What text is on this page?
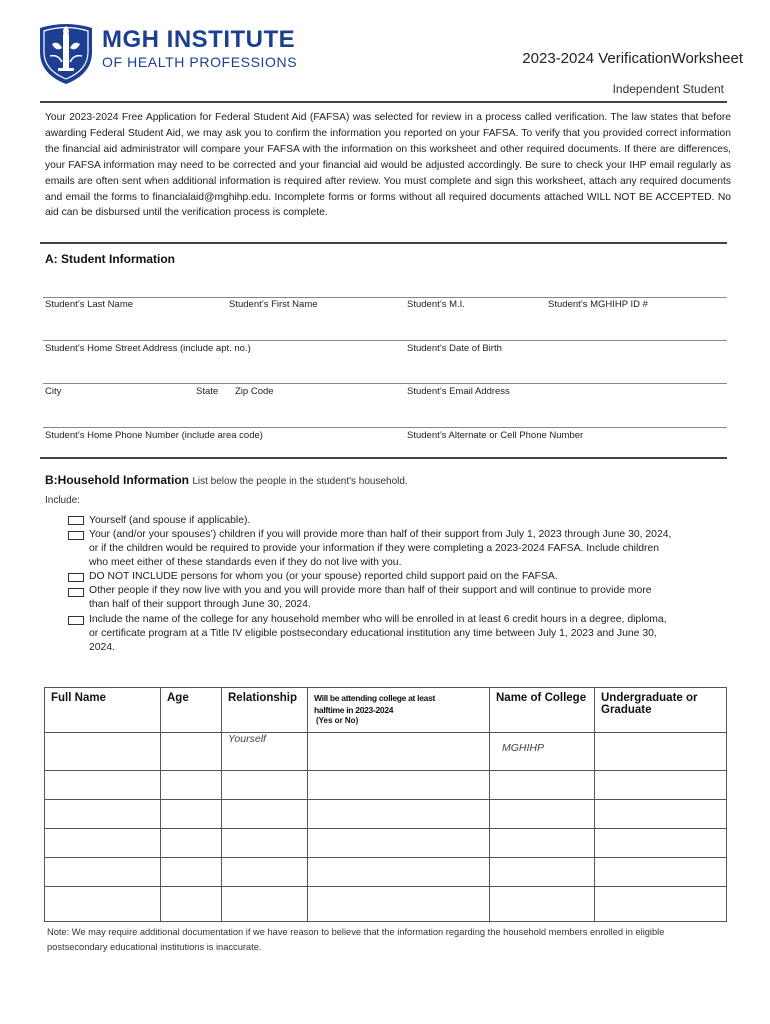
MGH INSTITUTE
OF HEALTH PROFESSIONS	2023-2024 VerificationWorksheet
Independent Student
Your 2023-2024 Free Application for Federal Student Aid (FAFSA) was selected for review in a process called verification. The law states that before awarding Federal Student Aid, we may ask you to confirm the information you reported on your FAFSA. To verify that you provided correct information the financial aid administrator will compare your FAFSA with the information on this worksheet and other required documents. If there are differences, your FAFSA information may need to be corrected and your financial aid would be adjusted accordingly. Be sure to check your IHP email regularly as emails are often sent when additional information is required after review. You must complete and sign this worksheet, attach any required documents and email the forms to financialaid@mghihp.edu. Incomplete forms or forms without all required documents attached WILL NOT BE ACCEPTED. No aid can be disbursed until the verification process is complete.
A: Student Information
Student’s Last Name	Student’s First Name	Student’s M.I.	Student’s MGHIHP ID #
Student’s Home Street Address (include apt. no.)	Student’s Date of Birth
City	State Zip Code	Student’s Email Address
Student’s Home Phone Number (include area code)	Student’s Alternate or Cell Phone Number
B:Household Information List below the people in the student's household.
Include:
Yourself (and spouse if applicable).
Your (and/or your spouses’) children if you will provide more than half of their support from July 1, 2023 through June 30, 2024,
or if the children would be required to provide your information if they were completing a 2023-2024 FAFSA. Include children
who meet either of these standards even if they do not live with you.
DO NOT INCLUDE persons for whom you (or your spouse) reported child support paid on the FAFSA.
Other people if they now live with you and you will provide more than half of their support and will continue to provide more
than half of their support through June 30, 2024.
Include the name of the college for any household member who will be enrolled in at least 6 credit hours in a degree, diploma,
or certificate program at a Title IV eligible postsecondary educational institution any time between July 1, 2023 and June 30,
2024.
Full Name	Age	Relationship	Will be attending college at least
halftime in 2023-2024
(Yes or No)	Name of College	Undergraduate or Graduate
		Yourself		MGHIHP	

Note: We may require additional documentation if we have reason to believe that the information regarding the household members enrolled in eligible postsecondary educational institutions is inaccurate.
